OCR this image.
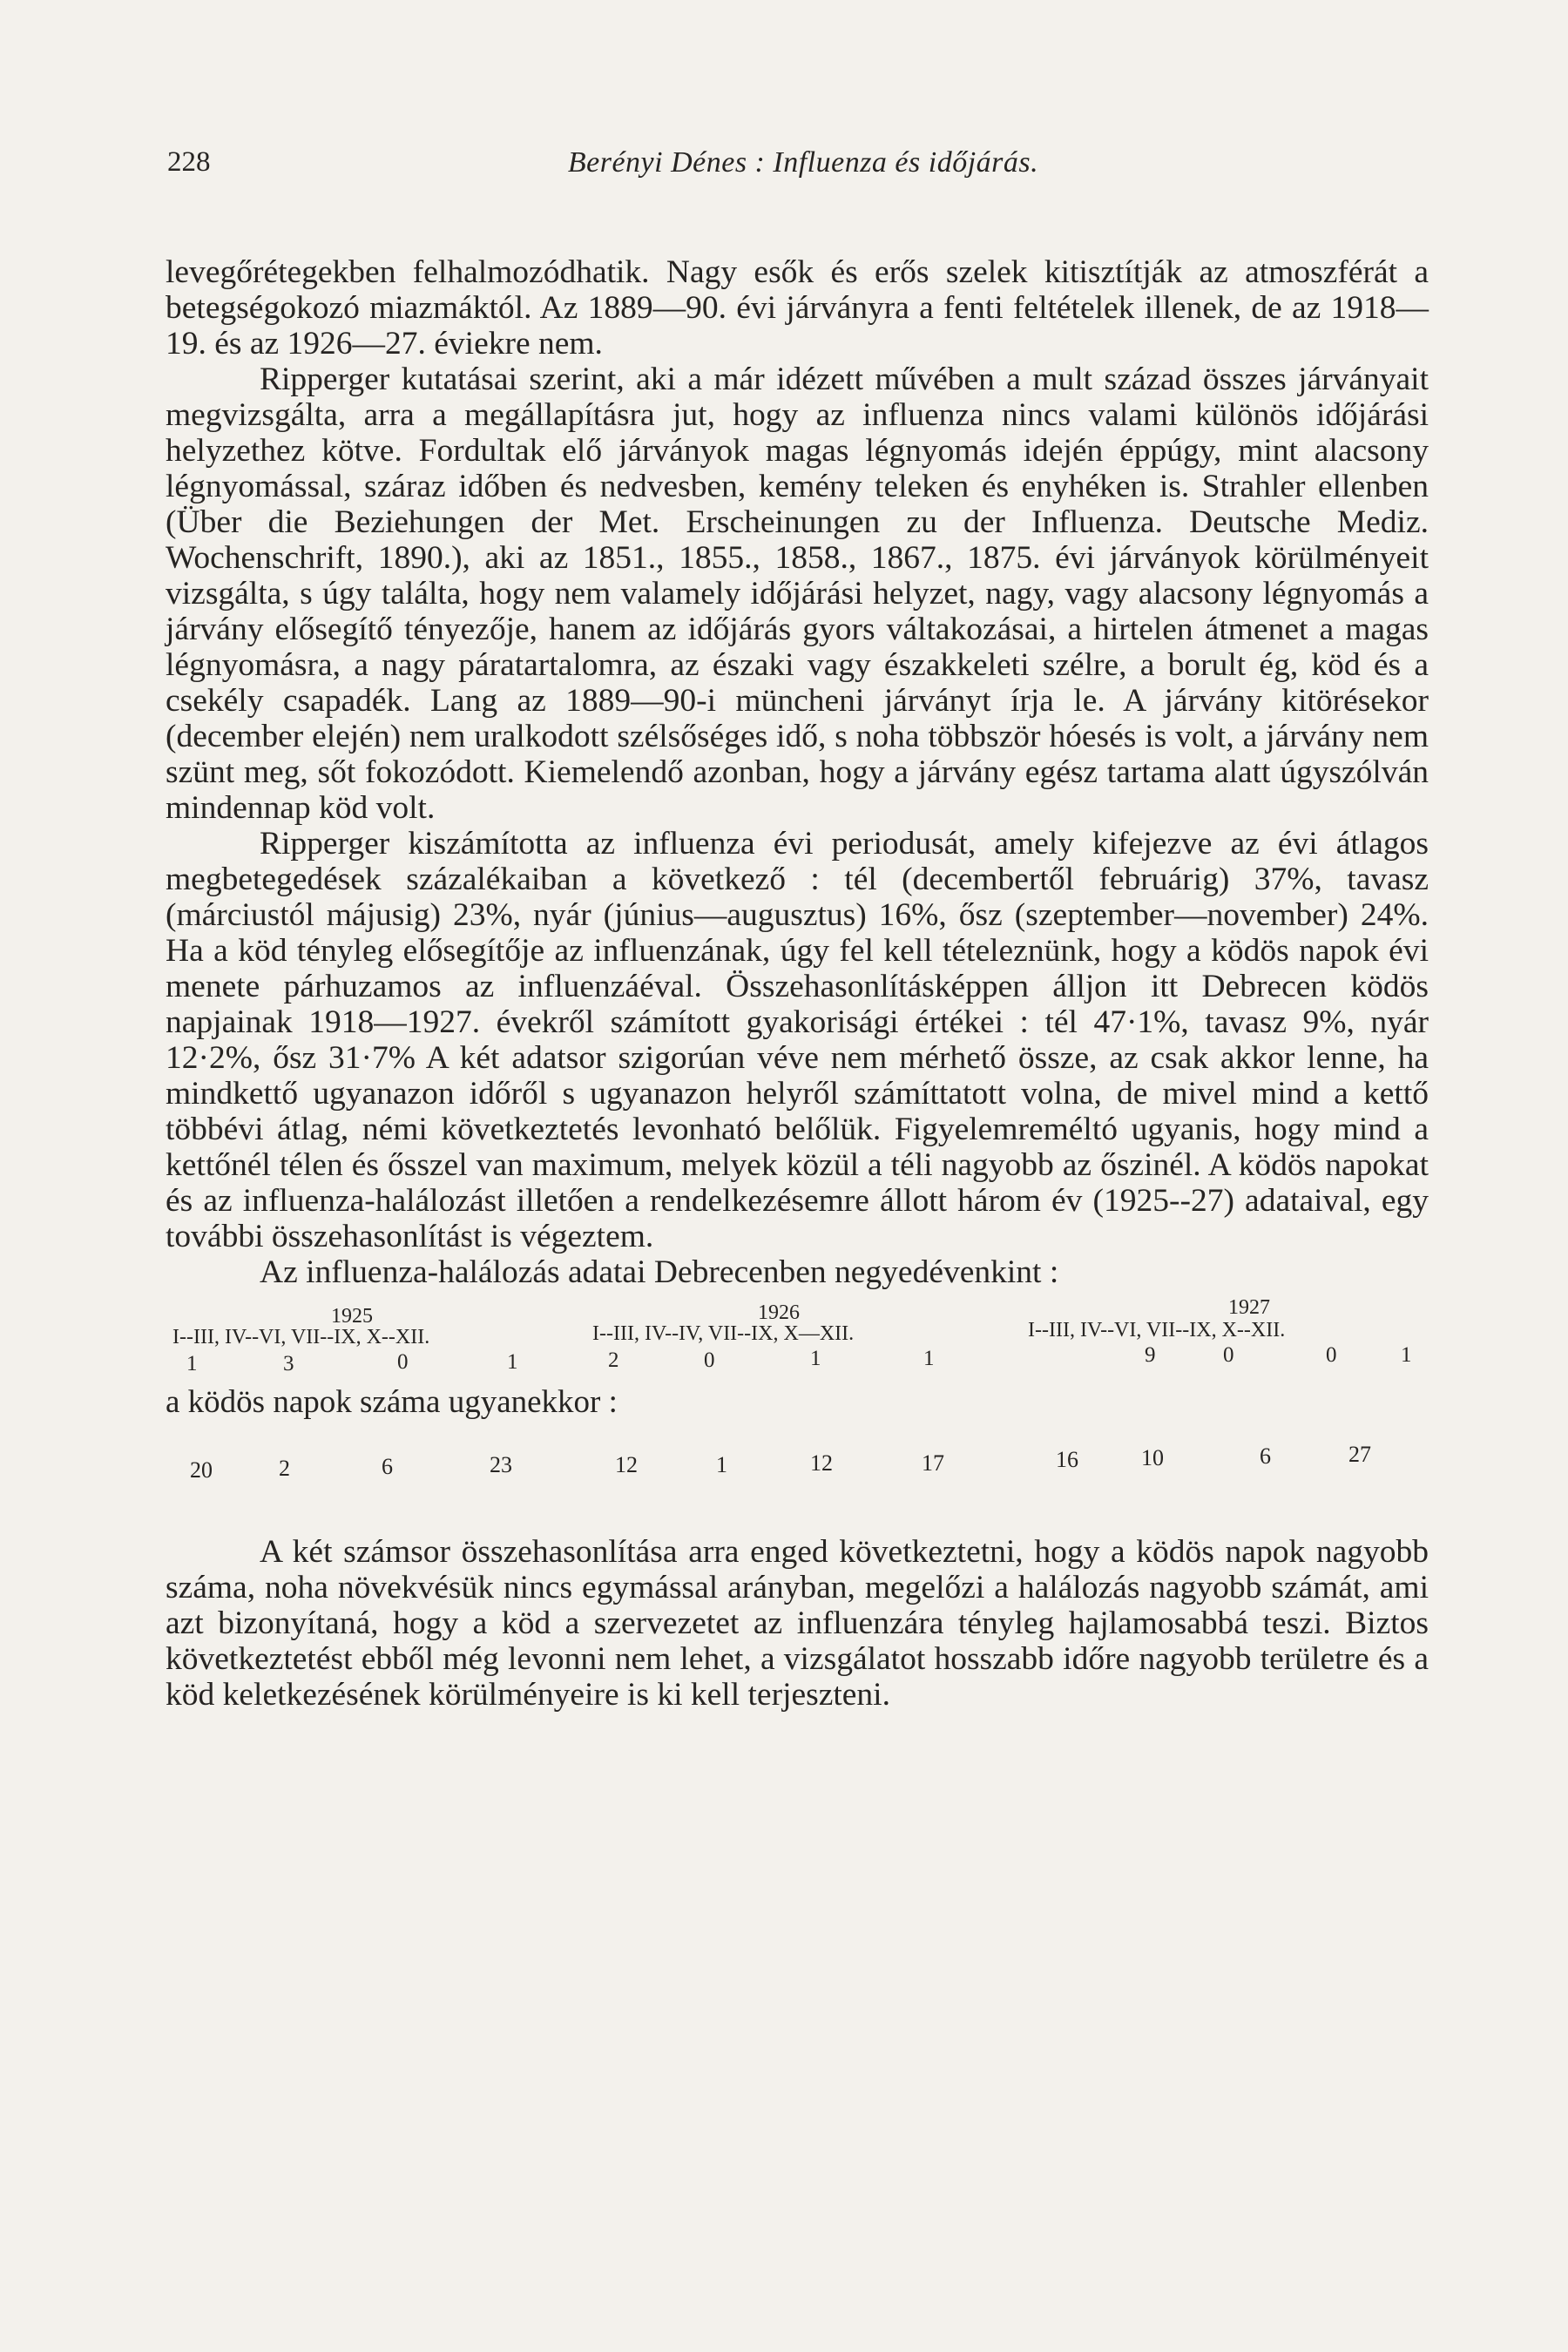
228	Berényi Dénes : Influenza és időjárás.

levegőrétegekben felhalmozódhatik. Nagy esők és erős szelek kitisztítják az atmoszférát a betegségokozó miazmáktól. Az 1889—90. évi járványra a fenti feltételek illenek, de az 1918—19. és az 1926—27. éviekre nem.

Ripperger kutatásai szerint, aki a már idézett művében a mult század összes járványait megvizsgálta, arra a megállapításra jut, hogy az influenza nincs valami különös időjárási helyzethez kötve. Fordultak elő járványok magas légnyomás idején éppúgy, mint alacsony légnyomással, száraz időben és nedvesben, kemény teleken és enyhéken is. Strahler ellenben (Über die Beziehungen der Met. Erscheinungen zu der Influenza. Deutsche Mediz. Wochenschrift, 1890.), aki az 1851., 1855., 1858., 1867., 1875. évi járványok körülményeit vizsgálta, s úgy találta, hogy nem valamely időjárási helyzet, nagy, vagy alacsony légnyomás a járvány elősegítő tényezője, hanem az időjárás gyors váltakozásai, a hirtelen átmenet a magas légnyomásra, a nagy páratartalomra, az északi vagy északkeleti szélre, a borult ég, köd és a csekély csapadék. Lang az 1889—90-i müncheni járványt írja le. A járvány kitörésekor (december elején) nem uralkodott szélsőséges idő, s noha többször hóesés is volt, a járvány nem szünt meg, sőt fokozódott. Kiemelendő azonban, hogy a járvány egész tartama alatt úgyszólván mindennap köd volt.

Ripperger kiszámította az influenza évi periodusát, amely kifejezve az évi átlagos megbetegedések százalékaiban a következő : tél (decembertől februárig) 37%, tavasz (márciustól májusig) 23%, nyár (június—augusztus) 16%, ősz (szeptember—november) 24%. Ha a köd tényleg elősegítője az influenzának, úgy fel kell tételeznünk, hogy a ködös napok évi menete párhuzamos az influenzáéval. Összehasonlításképpen álljon itt Debrecen ködös napjainak 1918—1927. évekről számított gyakorisági értékei : tél 47·1%, tavasz 9%, nyár 12·2%, ősz 31·7% A két adatsor szigorúan véve nem mérhető össze, az csak akkor lenne, ha mindkettő ugyanazon időről s ugyanazon helyről számíttatott volna, de mivel mind a kettő többévi átlag, némi következtetés levonható belőlük. Figyelemreméltó ugyanis, hogy mind a kettőnél télen és ősszel van maximum, melyek közül a téli nagyobb az őszinél. A ködös napokat és az influenza-halálozást illetően a rendelkezésemre állott három év (1925--27) adataival, egy további összehasonlítást is végeztem.

Az influenza-halálozás adatai Debrecenben negyedévenkint :

1925	1926	1927
I--III, IV--VI, VII--IX, X--XII.	I--III, IV--IV, VII--IX, X—XII.	I--III, IV--VI, VII--IX, X--XII.
1	3	0	1	2	0	1	1	9	0	0	1
a ködös napok száma ugyanekkor :
20	2	6	23	12	1	12	17	16	10	6	27

A két számsor összehasonlítása arra enged következtetni, hogy a ködös napok nagyobb száma, noha növekvésük nincs egymással arányban, megelőzi a halálozás nagyobb számát, ami azt bizonyítaná, hogy a köd a szervezetet az influenzára tényleg hajlamosabbá teszi. Biztos következtetést ebből még levonni nem lehet, a vizsgálatot hosszabb időre nagyobb területre és a köd keletkezésének körülményeire is ki kell terjeszteni.
